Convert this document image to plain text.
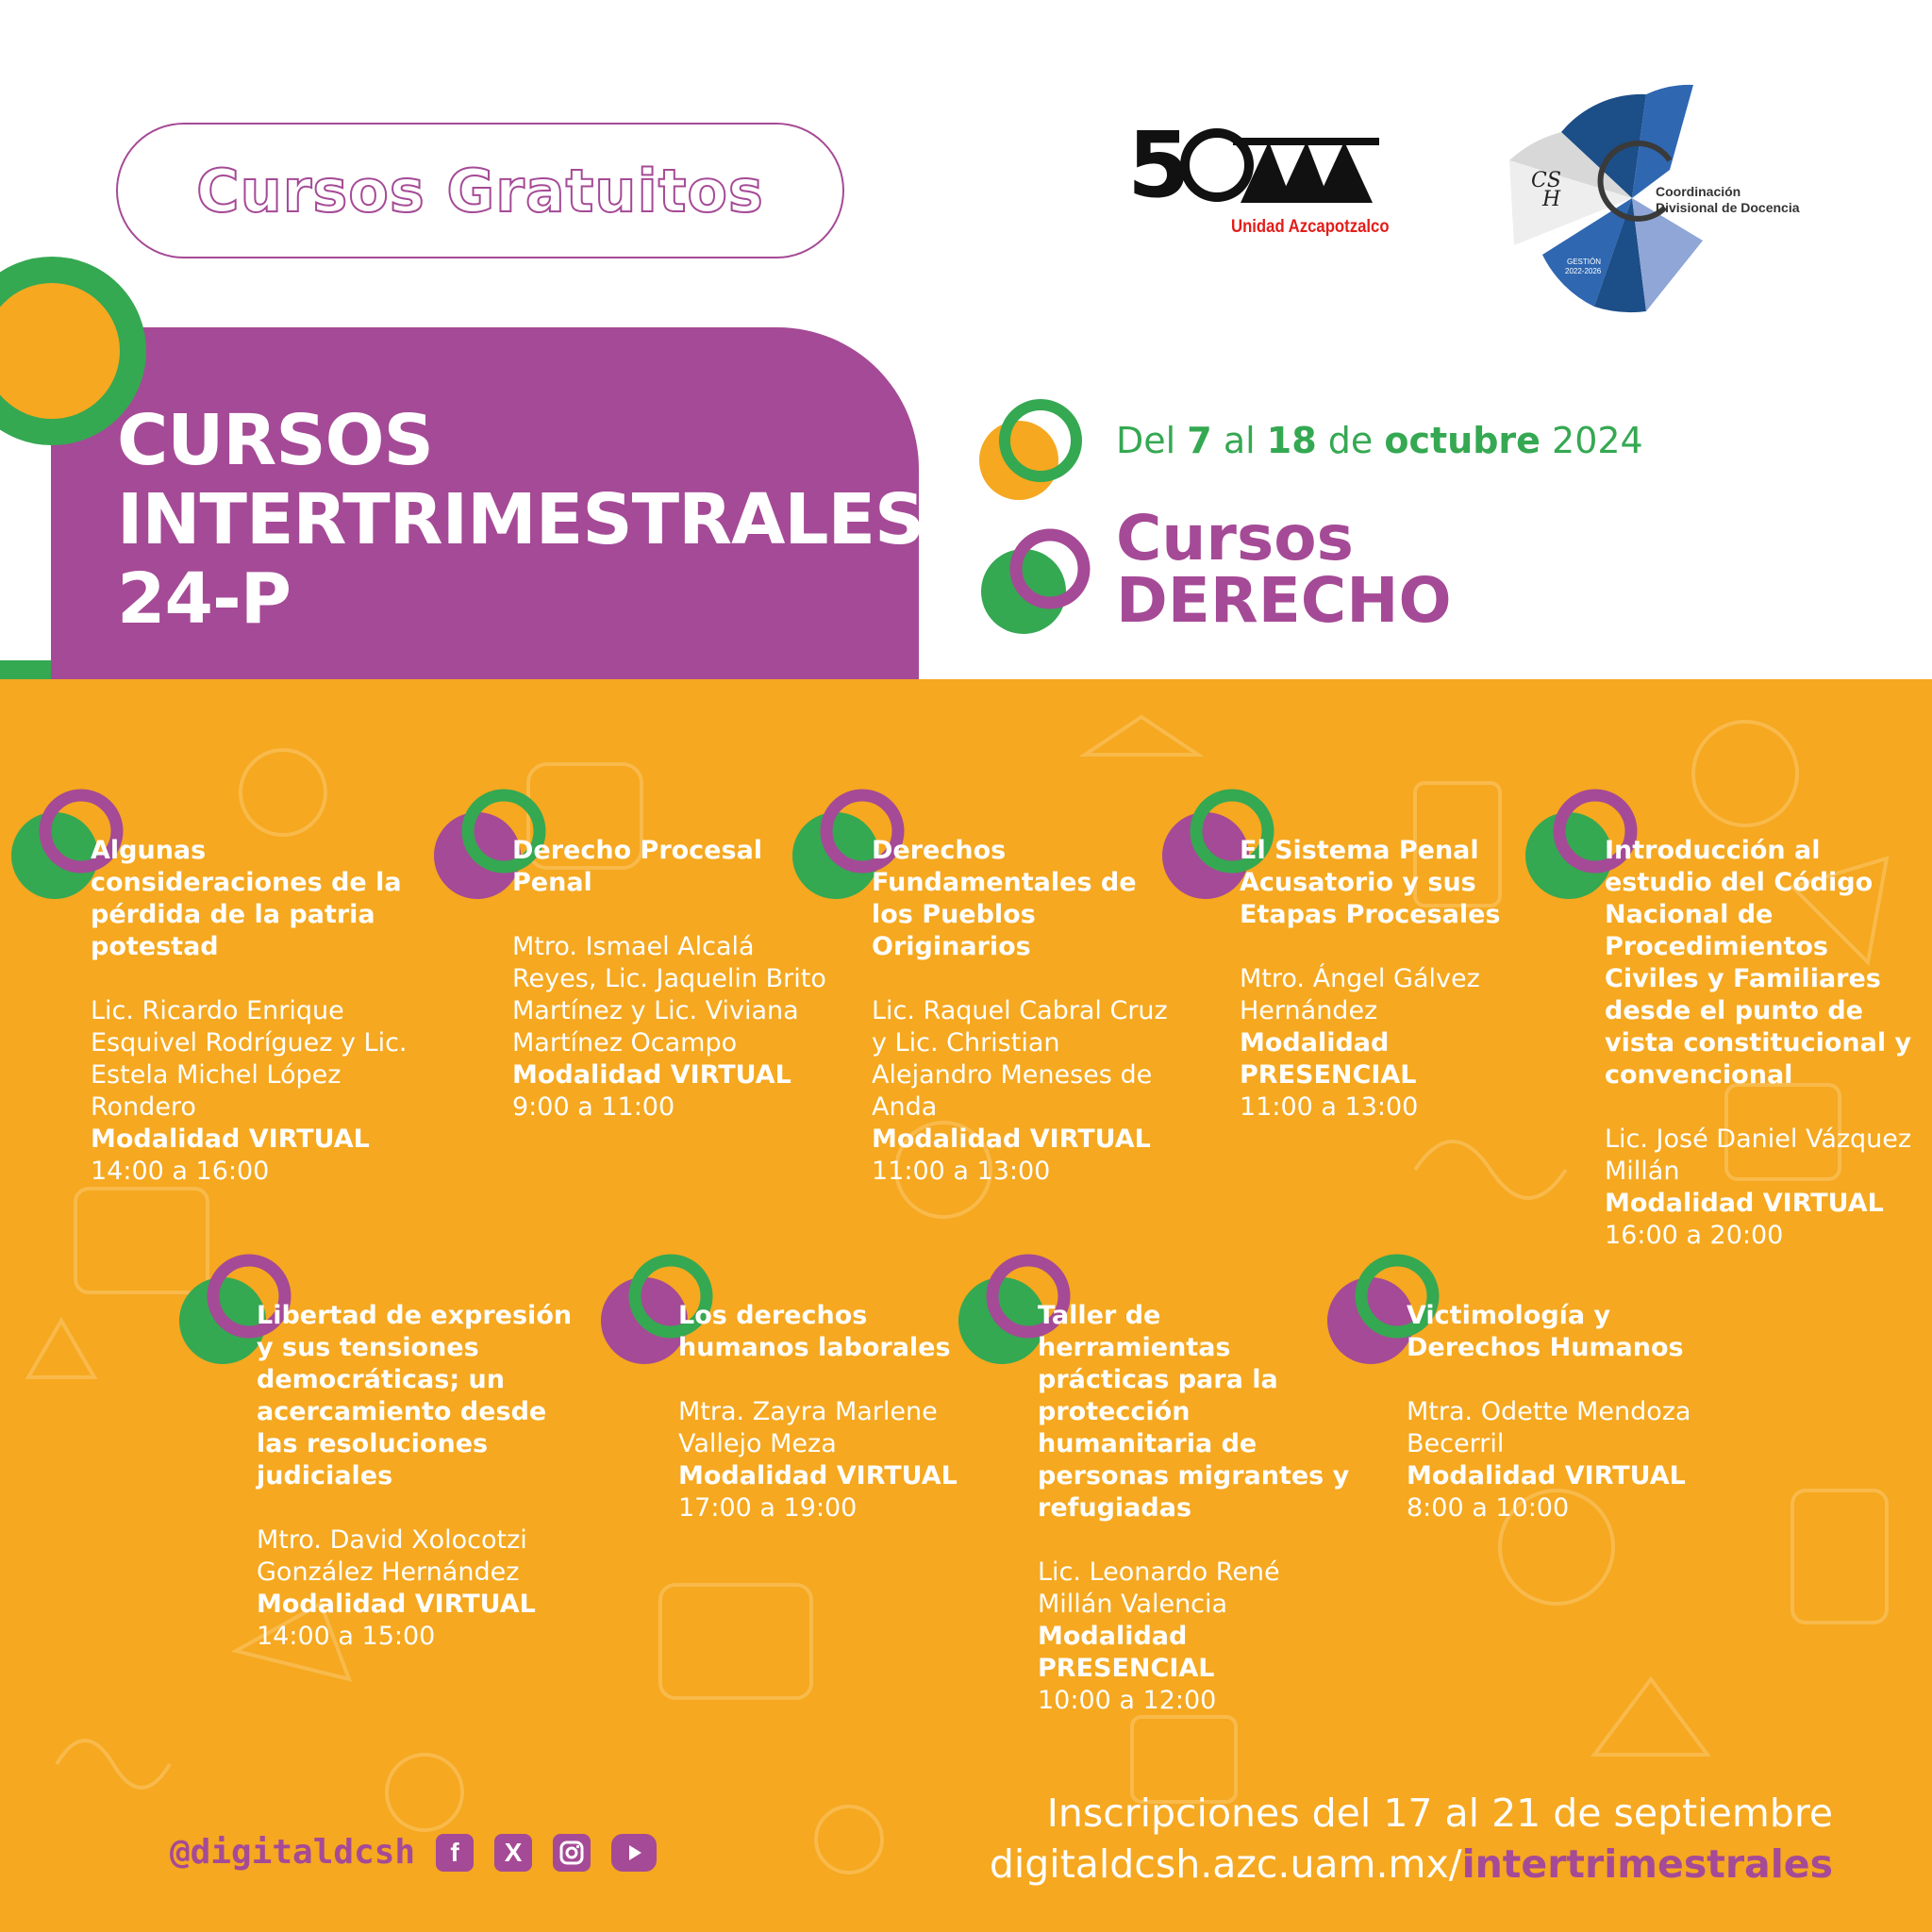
Cursos Gratuitos	5
Unidad Azcapotzalco
CS
H
GESTIÓN
2022-2026
Coordinación
Divisional de Docencia
CURSOS
INTERTRIMESTRALES
24-P
Del 7 al 18 de octubre 2024
Cursos
DERECHO
Algunas consideraciones de la pérdida de la patria potestad
Lic. Ricardo Enrique Esquivel Rodríguez y Lic. Estela Michel López Rondero
Modalidad VIRTUAL
14:00 a 16:00
Derecho Procesal Penal
Mtro. Ismael Alcalá Reyes, Lic. Jaquelin Brito Martínez y Lic. Viviana Martínez Ocampo
Modalidad VIRTUAL
9:00 a 11:00
Derechos Fundamentales de los Pueblos Originarios
Lic. Raquel Cabral Cruz y Lic. Christian Alejandro Meneses de Anda
Modalidad VIRTUAL
11:00 a 13:00
El Sistema Penal Acusatorio y sus Etapas Procesales
Mtro. Ángel Gálvez Hernández
Modalidad PRESENCIAL
11:00 a 13:00
Introducción al estudio del Código Nacional de Procedimientos Civiles y Familiares desde el punto de vista constitucional y convencional
Lic. José Daniel Vázquez Millán
Modalidad VIRTUAL
16:00 a 20:00
Libertad de expresión y sus tensiones democráticas; un acercamiento desde las resoluciones judiciales
Mtro. David Xolocotzi González Hernández
Modalidad VIRTUAL
14:00 a 15:00
Los derechos humanos laborales
Mtra. Zayra Marlene Vallejo Meza
Modalidad VIRTUAL
17:00 a 19:00
Taller de herramientas prácticas para la protección humanitaria de personas migrantes y refugiadas
Lic. Leonardo René Millán Valencia
Modalidad PRESENCIAL
10:00 a 12:00
Victimología y Derechos Humanos
Mtra. Odette Mendoza Becerril
Modalidad VIRTUAL
8:00 a 10:00
@digitaldcsh	f	X
Inscripciones del 17 al 21 de septiembre
digitaldcsh.azc.uam.mx/intertrimestrales
